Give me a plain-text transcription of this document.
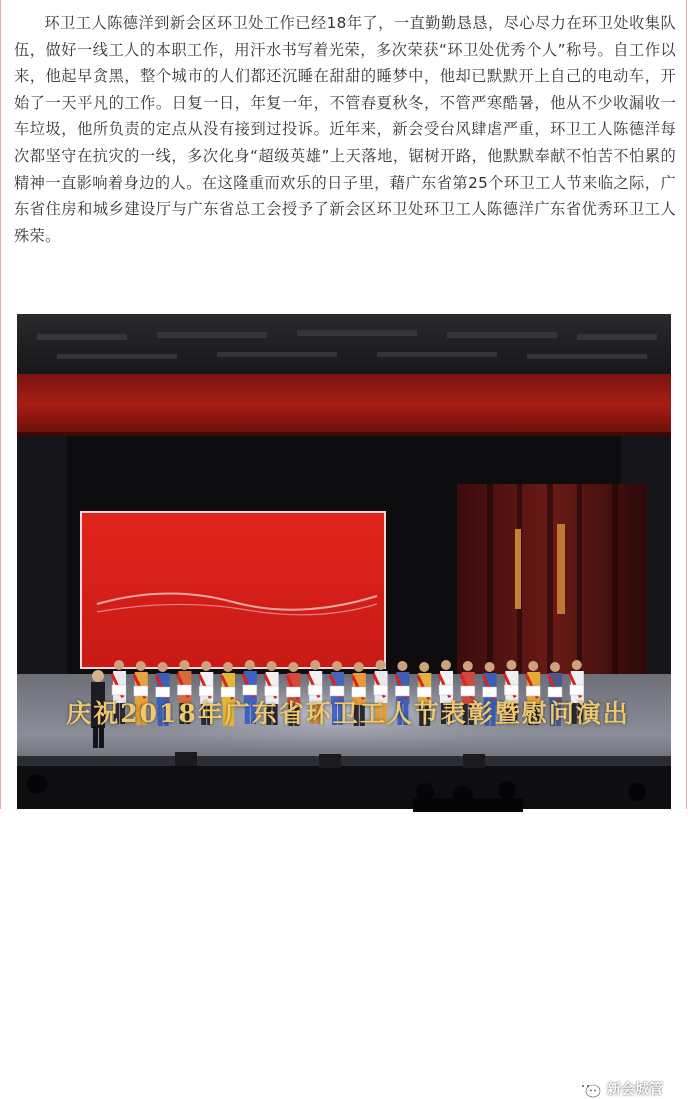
环卫工人陈德洋到新会区环卫处工作已经18年了，一直勤勤恳恳，尽心尽力在环卫处收集队伍，做好一线工人的本职工作，用汗水书写着光荣，多次荣获“环卫处优秀个人”称号。自工作以来，他起早贪黑，整个城市的人们都还沉睡在甜甜的睡梦中，他却已默默开上自己的电动车，开始了一天平凡的工作。日复一日，年复一年，不管春夏秋冬，不管严寒酷暑，他从不少收漏收一车垃圾，他所负责的定点从没有接到过投诉。近年来，新会受台风肆虐严重，环卫工人陈德洋每次都坚守在抗灾的一线，多次化身“超级英雄”上天落地，锯树开路，他默默奉献不怕苦不怕累的精神一直影响着身边的人。在这隆重而欢乐的日子里，藉广东省第25个环卫工人节来临之际，广东省住房和城乡建设厅与广东省总工会授予了新会区环卫处环卫工人陈德洋广东省优秀环卫工人殊荣。

庆祝2018年广东省环卫工人节表彰暨慰问演出
广东省优秀环卫工人
新会城管
